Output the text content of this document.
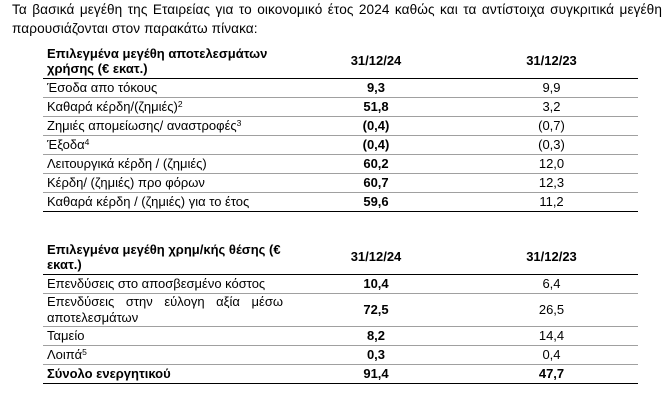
Τα βασικά μεγέθη της Εταιρείας για το οικονομικό έτος 2024 καθώς και τα αντίστοιχα συγκριτικά μεγέθη παρουσιάζονται στον παρακάτω πίνακα:
Επιλεγμένα μεγέθη αποτελεσμάτων χρήσης (€ εκατ.)	31/12/24	31/12/23
Έσοδα απο τόκους	9,3	9,9
Καθαρά κέρδη/$(\zeta\eta\mu\iota έ\varsigma)^2$	51,8	3,2
Ζημιές απομείωσης/ αναστροφές$^3$	(0,4)	(0,7)
Έξοδα$^4$	(0,4)	(0,3)
Λειτουργικά κέρδη / (ζημιές)	60,2	12,0
Κέρδη/ (ζημιές) προ φόρων	60,7	12,3
Καθαρά κέρδη / (ζημιές) για το έτος	59,6	11,2
Επιλεγμένα μεγέθη χρημ/κής θέσης (€ εκατ.)	31/12/24	31/12/23
Επενδύσεις στο αποσβεσμένο κόστος	10,4	6,4
Επενδύσεις στην εύλογη αξία μέσω αποτελεσμάτων	72,5	26,5
Ταμείο	8,2	14,4
Λοιπά$^5$	0,3	0,4
Σύνολο ενεργητικού	91,4	47,7
